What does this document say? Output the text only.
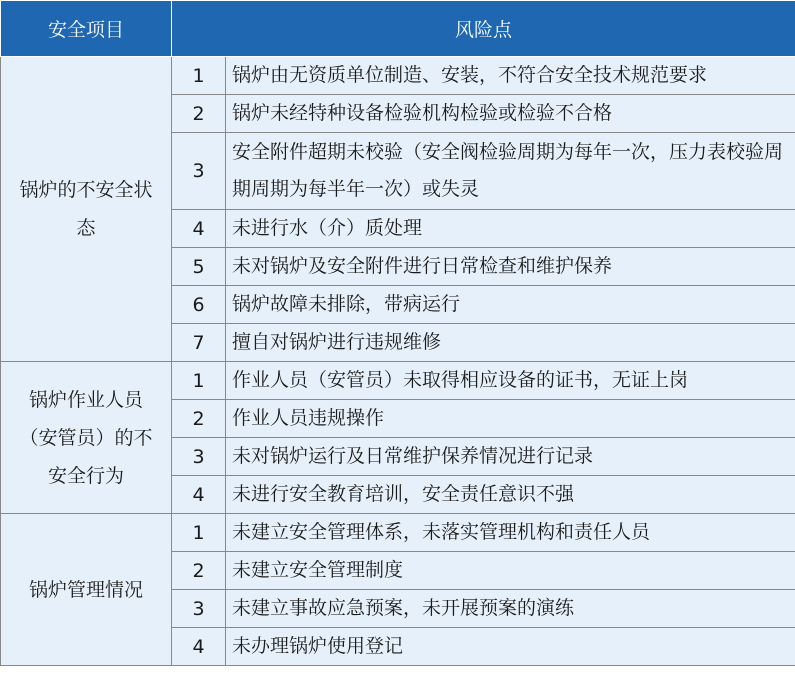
安全项目	风险点	
锅炉的不安全状态	1	锅炉由无资质单位制造、安装，不符合安全技术规范要求
	2	锅炉未经特种设备检验机构检验或检验不合格
	3	安全附件超期未校验（安全阀检验周期为每年一次，压力表校验周期周期为每半年一次）或失灵
	4	未进行水（介）质处理
	5	未对锅炉及安全附件进行日常检查和维护保养
	6	锅炉故障未排除，带病运行
	7	擅自对锅炉进行违规维修
锅炉作业人员（安管员）的不安全行为	1	作业人员（安管员）未取得相应设备的证书，无证上岗
	2	作业人员违规操作
	3	未对锅炉运行及日常维护保养情况进行记录
	4	未进行安全教育培训，安全责任意识不强
锅炉管理情况	1	未建立安全管理体系，未落实管理机构和责任人员
	2	未建立安全管理制度
	3	未建立事故应急预案，未开展预案的演练
	4	未办理锅炉使用登记
